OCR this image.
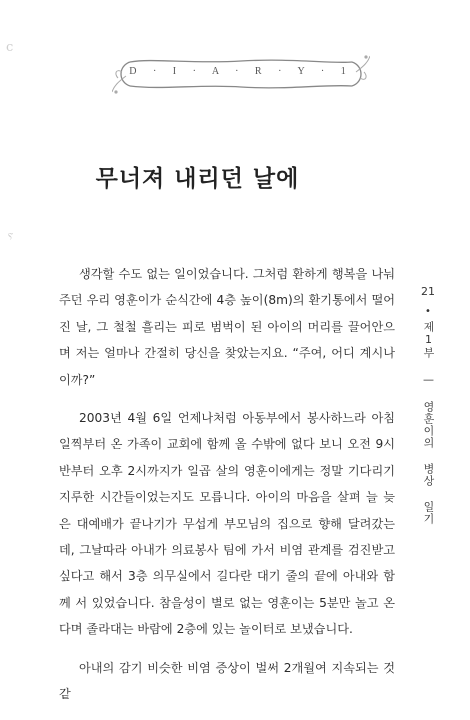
ⅽ
ⲋ
D · I · A · R · Y · 1
무너져 내리던 날에

생각할 수도 없는 일이었습니다. 그처럼 환하게 행복을 나눠 주던 우리 영훈이가 순식간에 4층 높이(8m)의 환기통에서 떨어진 날, 그 철철 흘리는 피로 범벅이 된 아이의 머리를 끌어안으며 저는 얼마나 간절히 당신을 찾았는지요. “주여, 어디 계시나이까?”

2003년 4월 6일 언제나처럼 아동부에서 봉사하느라 아침 일찍부터 온 가족이 교회에 함께 올 수밖에 없다 보니 오전 9시 반부터 오후 2시까지가 일곱 살의 영훈이에게는 정말 기다리기 지루한 시간들이었는지도 모릅니다. 아이의 마음을 살펴 늘 늦은 대예배가 끝나기가 무섭게 부모님의 집으로 향해 달려갔는데, 그날따라 아내가 의료봉사 팀에 가서 비염 관계를 검진받고 싶다고 해서 3층 의무실에서 길다란 대기 줄의 끝에 아내와 함께 서 있었습니다. 참을성이 별로 없는 영훈이는 5분만 놀고 온다며 졸라대는 바람에 2층에 있는 놀이터로 보냈습니다.

아내의 감기 비슷한 비염 증상이 벌써 2개월여 지속되는 것 같

21
•
제1부 — 영훈이의 병상 일기
